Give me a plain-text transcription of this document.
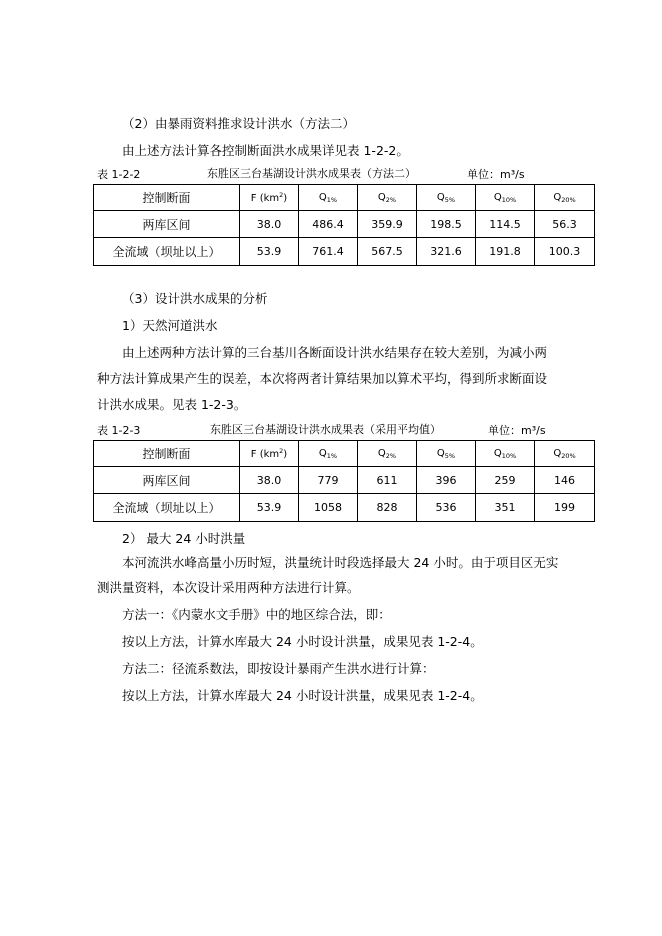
（2）由暴雨资料推求设计洪水（方法二）
由上述方法计算各控制断面洪水成果详见表 1-2-2。
表 1-2-2	东胜区三台基湖设计洪水成果表（方法二）	单位：m³/s
控制断面	F $(km^2)$	$Q_{1\%}$	$Q_{2\%}$	$Q_{5\%}$	$Q_{10\%}$	$Q_{20\%}$
两库区间	38.0	486.4	359.9	198.5	114.5	56.3
全流域（坝址以上）	53.9	761.4	567.5	321.6	191.8	100.3
（3）设计洪水成果的分析
1）天然河道洪水
由上述两种方法计算的三台基川各断面设计洪水结果存在较大差别，为减小两
种方法计算成果产生的误差，本次将两者计算结果加以算术平均，得到所求断面设
计洪水成果。见表 1-2-3。
表 1-2-3	东胜区三台基湖设计洪水成果表（采用平均值）	单位：m³/s
控制断面	F $(km^2)$	$Q_{1\%}$	$Q_{2\%}$	$Q_{5\%}$	$Q_{10\%}$	$Q_{20\%}$
两库区间	38.0	779	611	396	259	146
全流域（坝址以上）	53.9	1058	828	536	351	199
2） 最大 24 小时洪量
本河流洪水峰高量小历时短，洪量统计时段选择最大 24 小时。由于项目区无实
测洪量资料，本次设计采用两种方法进行计算。
方法一：《内蒙水文手册》中的地区综合法，即：
按以上方法，计算水库最大 24 小时设计洪量，成果见表 1-2-4。
方法二：径流系数法，即按设计暴雨产生洪水进行计算：
按以上方法，计算水库最大 24 小时设计洪量，成果见表 1-2-4。
